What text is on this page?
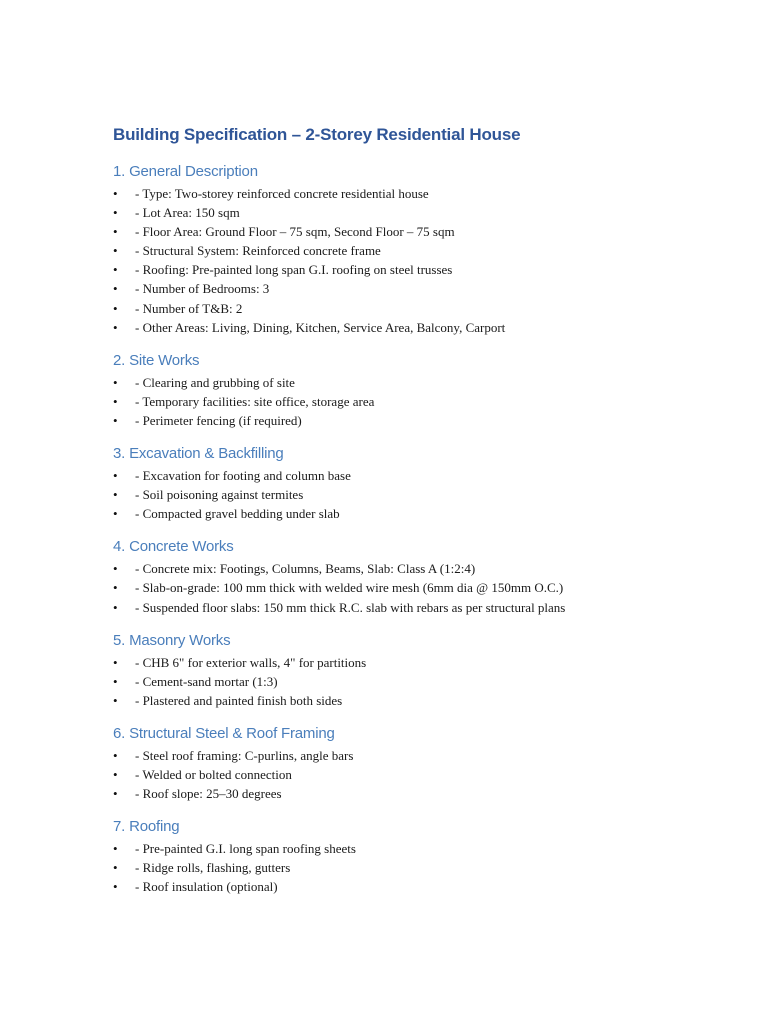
Building Specification – 2-Storey Residential House
1. General Description
• - Type: Two-storey reinforced concrete residential house
• - Lot Area: 150 sqm
• - Floor Area: Ground Floor – 75 sqm, Second Floor – 75 sqm
• - Structural System: Reinforced concrete frame
• - Roofing: Pre-painted long span G.I. roofing on steel trusses
• - Number of Bedrooms: 3
• - Number of T&B: 2
• - Other Areas: Living, Dining, Kitchen, Service Area, Balcony, Carport
2. Site Works
• - Clearing and grubbing of site
• - Temporary facilities: site office, storage area
• - Perimeter fencing (if required)
3. Excavation & Backfilling
• - Excavation for footing and column base
• - Soil poisoning against termites
• - Compacted gravel bedding under slab
4. Concrete Works
• - Concrete mix: Footings, Columns, Beams, Slab: Class A (1:2:4)
• - Slab-on-grade: 100 mm thick with welded wire mesh (6mm dia @ 150mm O.C.)
• - Suspended floor slabs: 150 mm thick R.C. slab with rebars as per structural plans
5. Masonry Works
• - CHB 6" for exterior walls, 4" for partitions
• - Cement-sand mortar (1:3)
• - Plastered and painted finish both sides
6. Structural Steel & Roof Framing
• - Steel roof framing: C-purlins, angle bars
• - Welded or bolted connection
• - Roof slope: 25–30 degrees
7. Roofing
• - Pre-painted G.I. long span roofing sheets
• - Ridge rolls, flashing, gutters
• - Roof insulation (optional)
